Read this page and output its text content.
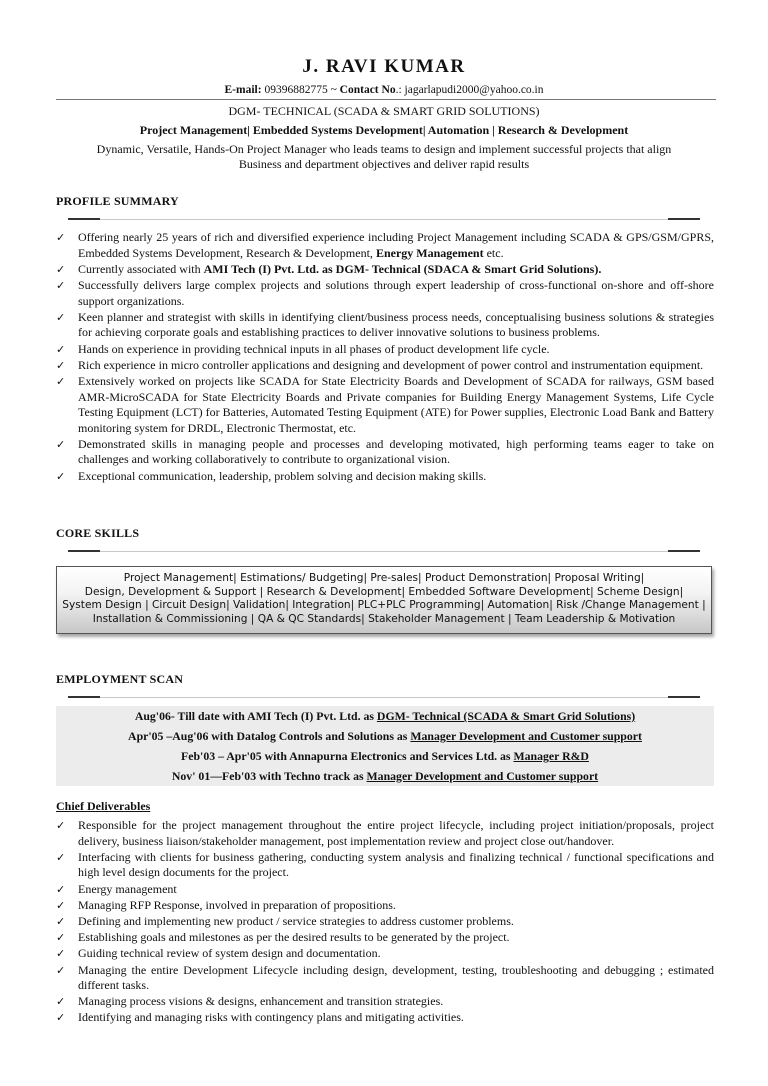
J. RAVI KUMAR
E-mail: 09396882775 ~ Contact No.: jagarlapudi2000@yahoo.co.in
DGM- TECHNICAL (SCADA & SMART GRID SOLUTIONS)
Project Management| Embedded Systems Development| Automation | Research & Development
Dynamic, Versatile, Hands-On Project Manager who leads teams to design and implement successful projects that align
Business and department objectives and deliver rapid results
PROFILE SUMMARY
✓ Offering nearly 25 years of rich and diversified experience including Project Management including SCADA & GPS/GSM/GPRS, Embedded Systems Development, Research & Development, Energy Management etc.
✓ Currently associated with AMI Tech (I) Pvt. Ltd. as DGM- Technical (SDACA & Smart Grid Solutions).
✓ Successfully delivers large complex projects and solutions through expert leadership of cross-functional on-shore and off-shore support organizations.
✓ Keen planner and strategist with skills in identifying client/business process needs, conceptualising business solutions & strategies for achieving corporate goals and establishing practices to deliver innovative solutions to business problems.
✓ Hands on experience in providing technical inputs in all phases of product development life cycle.
✓ Rich experience in micro controller applications and designing and development of power control and instrumentation equipment.
✓ Extensively worked on projects like SCADA for State Electricity Boards and Development of SCADA for railways, GSM based AMR-MicroSCADA for State Electricity Boards and Private companies for Building Energy Management Systems, Life Cycle Testing Equipment (LCT) for Batteries, Automated Testing Equipment (ATE) for Power supplies, Electronic Load Bank and Battery monitoring system for DRDL, Electronic Thermostat, etc.
✓ Demonstrated skills in managing people and processes and developing motivated, high performing teams eager to take on challenges and working collaboratively to contribute to organizational vision.
✓ Exceptional communication, leadership, problem solving and decision making skills.
CORE SKILLS
Project Management| Estimations/ Budgeting| Pre-sales| Product Demonstration| Proposal Writing|
Design, Development & Support | Research & Development| Embedded Software Development| Scheme Design|
System Design | Circuit Design| Validation| Integration| PLC+PLC Programming| Automation| Risk /Change Management |
Installation & Commissioning | QA & QC Standards| Stakeholder Management | Team Leadership & Motivation
EMPLOYMENT SCAN
Aug'06- Till date with AMI Tech (I) Pvt. Ltd. as DGM- Technical (SCADA & Smart Grid Solutions)
Apr'05 –Aug'06 with Datalog Controls and Solutions as Manager Development and Customer support
Feb'03 – Apr'05 with Annapurna Electronics and Services Ltd. as Manager R&D
Nov' 01—Feb'03 with Techno track as Manager Development and Customer support
Chief Deliverables
✓ Responsible for the project management throughout the entire project lifecycle, including project initiation/proposals, project delivery, business liaison/stakeholder management, post implementation review and project close out/handover.
✓ Interfacing with clients for business gathering, conducting system analysis and finalizing technical / functional specifications and high level design documents for the project.
✓ Energy management
✓ Managing RFP Response, involved in preparation of propositions.
✓ Defining and implementing new product / service strategies to address customer problems.
✓ Establishing goals and milestones as per the desired results to be generated by the project.
✓ Guiding technical review of system design and documentation.
✓ Managing the entire Development Lifecycle including design, development, testing, troubleshooting and debugging ; estimated different tasks.
✓ Managing process visions & designs, enhancement and transition strategies.
✓ Identifying and managing risks with contingency plans and mitigating activities.
